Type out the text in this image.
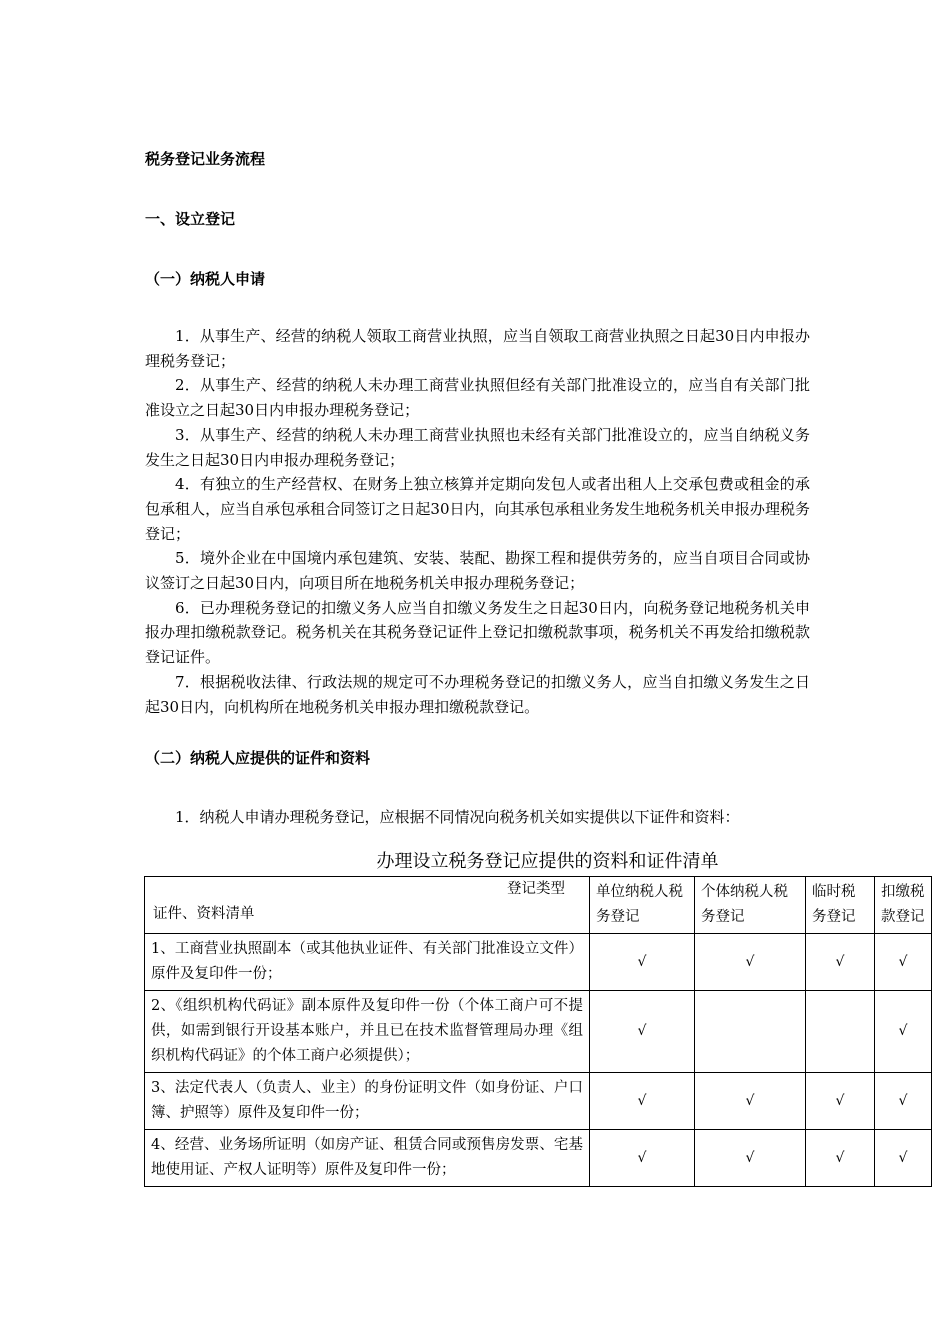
税务登记业务流程
一、设立登记
（一）纳税人申请

1．从事生产、经营的纳税人领取工商营业执照，应当自领取工商营业执照之日起30日内申报办理税务登记；

2．从事生产、经营的纳税人未办理工商营业执照但经有关部门批准设立的，应当自有关部门批准设立之日起30日内申报办理税务登记；

3．从事生产、经营的纳税人未办理工商营业执照也未经有关部门批准设立的，应当自纳税义务发生之日起30日内申报办理税务登记；

4．有独立的生产经营权、在财务上独立核算并定期向发包人或者出租人上交承包费或租金的承包承租人，应当自承包承租合同签订之日起30日内，向其承包承租业务发生地税务机关申报办理税务登记；

5．境外企业在中国境内承包建筑、安装、装配、勘探工程和提供劳务的，应当自项目合同或协议签订之日起30日内，向项目所在地税务机关申报办理税务登记；

6．已办理税务登记的扣缴义务人应当自扣缴义务发生之日起30日内，向税务登记地税务机关申报办理扣缴税款登记。税务机关在其税务登记证件上登记扣缴税款事项，税务机关不再发给扣缴税款登记证件。

7．根据税收法律、行政法规的规定可不办理税务登记的扣缴义务人，应当自扣缴义务发生之日起30日内，向机构所在地税务机关申报办理扣缴税款登记。

（二）纳税人应提供的证件和资料
1．纳税人申请办理税务登记，应根据不同情况向税务机关如实提供以下证件和资料：
办理设立税务登记应提供的资料和证件清单
登记类型
证件、资料清单	单位纳税人税务登记	个体纳税人税务登记	临时税务登记	扣缴税款登记
1、工商营业执照副本（或其他执业证件、有关部门批准设立文件）原件及复印件一份；	√	√	√	√
2、《组织机构代码证》副本原件及复印件一份（个体工商户可不提供，如需到银行开设基本账户，并且已在技术监督管理局办理《组织机构代码证》的个体工商户必须提供）；	√			√
3、法定代表人（负责人、业主）的身份证明文件（如身份证、户口簿、护照等）原件及复印件一份；	√	√	√	√
4、经营、业务场所证明（如房产证、租赁合同或预售房发票、宅基地使用证、产权人证明等）原件及复印件一份；	√	√	√	√
